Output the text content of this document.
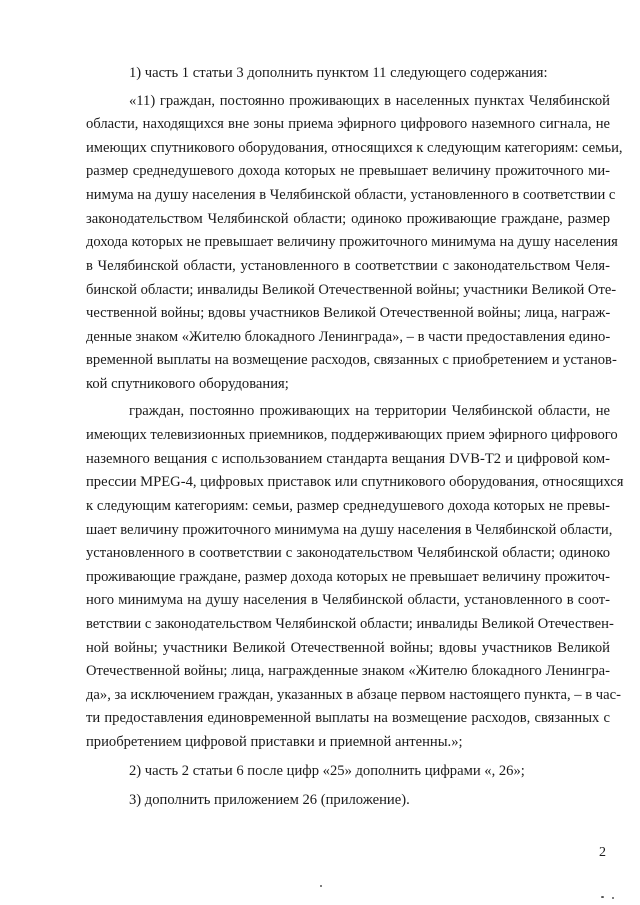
1) часть 1 статьи 3 дополнить пунктом 11 следующего содержания:
«11) граждан, постоянно проживающих в населенных пунктах Челябинской
области, находящихся вне зоны приема эфирного цифрового наземного сигнала, не
имеющих спутникового оборудования, относящихся к следующим категориям: семьи,
размер среднедушевого дохода которых не превышает величину прожиточного ми-
нимума на душу населения в Челябинской области, установленного в соответствии с
законодательством Челябинской области; одиноко проживающие граждане, размер
дохода которых не превышает величину прожиточного минимума на душу населения
в Челябинской области, установленного в соответствии с законодательством Челя-
бинской области; инвалиды Великой Отечественной войны; участники Великой Оте-
чественной войны; вдовы участников Великой Отечественной войны; лица, награж-
денные знаком «Жителю блокадного Ленинграда», – в части предоставления едино-
временной выплаты на возмещение расходов, связанных с приобретением и установ-
кой спутникового оборудования;
граждан, постоянно проживающих на территории Челябинской области, не
имеющих телевизионных приемников, поддерживающих прием эфирного цифрового
наземного вещания с использованием стандарта вещания DVB-T2 и цифровой ком-
прессии MPEG-4, цифровых приставок или спутникового оборудования, относящихся
к следующим категориям: семьи, размер среднедушевого дохода которых не превы-
шает величину прожиточного минимума на душу населения в Челябинской области,
установленного в соответствии с законодательством Челябинской области; одиноко
проживающие граждане, размер дохода которых не превышает величину прожиточ-
ного минимума на душу населения в Челябинской области, установленного в соот-
ветствии с законодательством Челябинской области; инвалиды Великой Отечествен-
ной войны; участники Великой Отечественной войны; вдовы участников Великой
Отечественной войны; лица, награжденные знаком «Жителю блокадного Ленингра-
да», за исключением граждан, указанных в абзаце первом настоящего пункта, – в час-
ти предоставления единовременной выплаты на возмещение расходов, связанных с
приобретением цифровой приставки и приемной антенны.»;
2) часть 2 статьи 6 после цифр «25» дополнить цифрами «, 26»;
3) дополнить приложением 26 (приложение).
2
